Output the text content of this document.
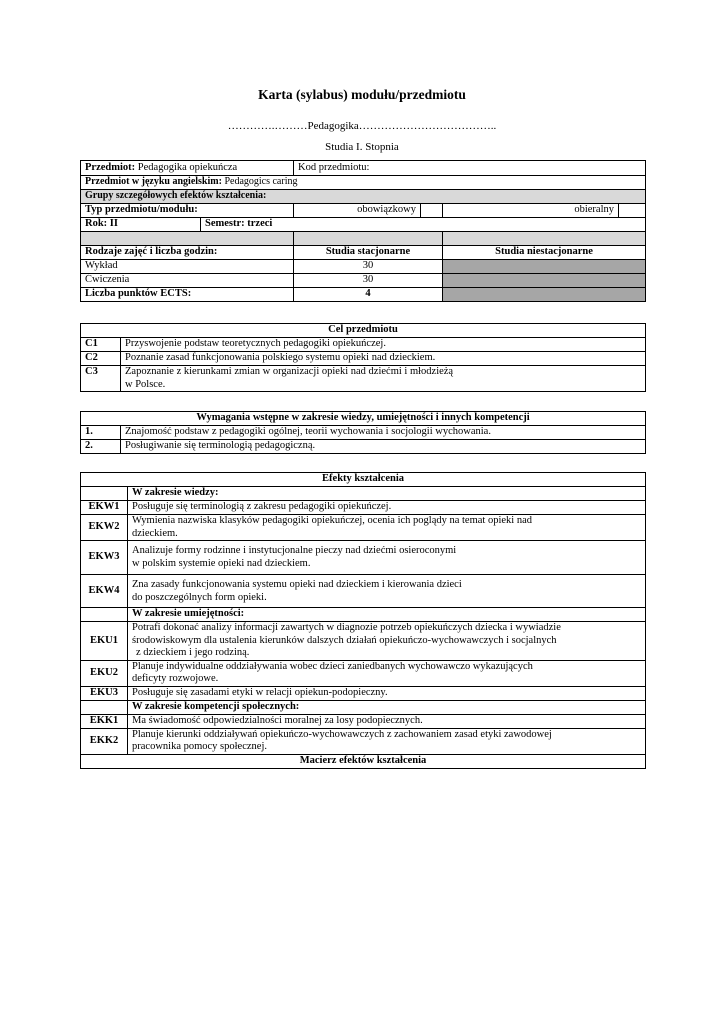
Karta (sylabus) modułu/przedmiotu
………….………Pedagogika………………………………..
Studia I. Stopnia
Przedmiot: Pedagogika opiekuńcza		Kod przedmiotu:			
Przedmiot w języku angielskim: Pedagogics caring					
Grupy szczegółowych efektów kształcenia:					
Typ przedmiotu/modułu:		obowiązkowy		obieralny	
Rok: II	Semestr: trzeci				

Rodzaje zajęć i liczba godzin:		Studia stacjonarne		Studia niestacjonarne	
Wykład		30			
Ćwiczenia		30			
Liczba punktów ECTS:		4			
Cel przedmiotu	
C1	Przyswojenie podstaw teoretycznych pedagogiki opiekuńczej.
C2	Poznanie zasad funkcjonowania polskiego systemu opieki nad dzieckiem.
C3	Zapoznanie z kierunkami zmian w organizacji opieki nad dziećmi i młodzieżą
w Polsce.
Wymagania wstępne w zakresie wiedzy, umiejętności i innych kompetencji	
1.	Znajomość podstaw z pedagogiki ogólnej, teorii wychowania i socjologii wychowania.
2.	Posługiwanie się terminologią pedagogiczną.
Efekty kształcenia	
	W zakresie wiedzy:
EKW1	Posługuje się terminologią z zakresu pedagogiki opiekuńczej.
EKW2	Wymienia nazwiska klasyków pedagogiki opiekuńczej, ocenia ich poglądy na temat opieki nad
dzieckiem.

EKW3	Analizuje formy rodzinne i instytucjonalne pieczy nad dziećmi osieroconymi
w polskim systemie opieki nad dzieckiem.

EKW4	Zna zasady funkcjonowania systemu opieki nad dzieckiem i kierowania dzieci
do poszczególnych form opieki.

	W zakresie umiejętności:
EKU1	Potrafi dokonać analizy informacji zawartych w diagnozie potrzeb opiekuńczych dziecka i wywiadzie
środowiskowym dla ustalenia kierunków dalszych działań opiekuńczo-wychowawczych i socjalnych
z dzieckiem i jego rodziną.

EKU2	Planuje indywidualne oddziaływania wobec dzieci zaniedbanych wychowawczo wykazujących
deficyty rozwojowe.

EKU3	Posługuje się zasadami etyki w relacji opiekun-podopieczny.
	W zakresie kompetencji społecznych:
EKK1	Ma świadomość odpowiedzialności moralnej za losy podopiecznych.
EKK2	Planuje kierunki oddziaływań opiekuńczo-wychowawczych z zachowaniem zasad etyki zawodowej
pracownika pomocy społecznej.

Macierz efektów kształcenia	
